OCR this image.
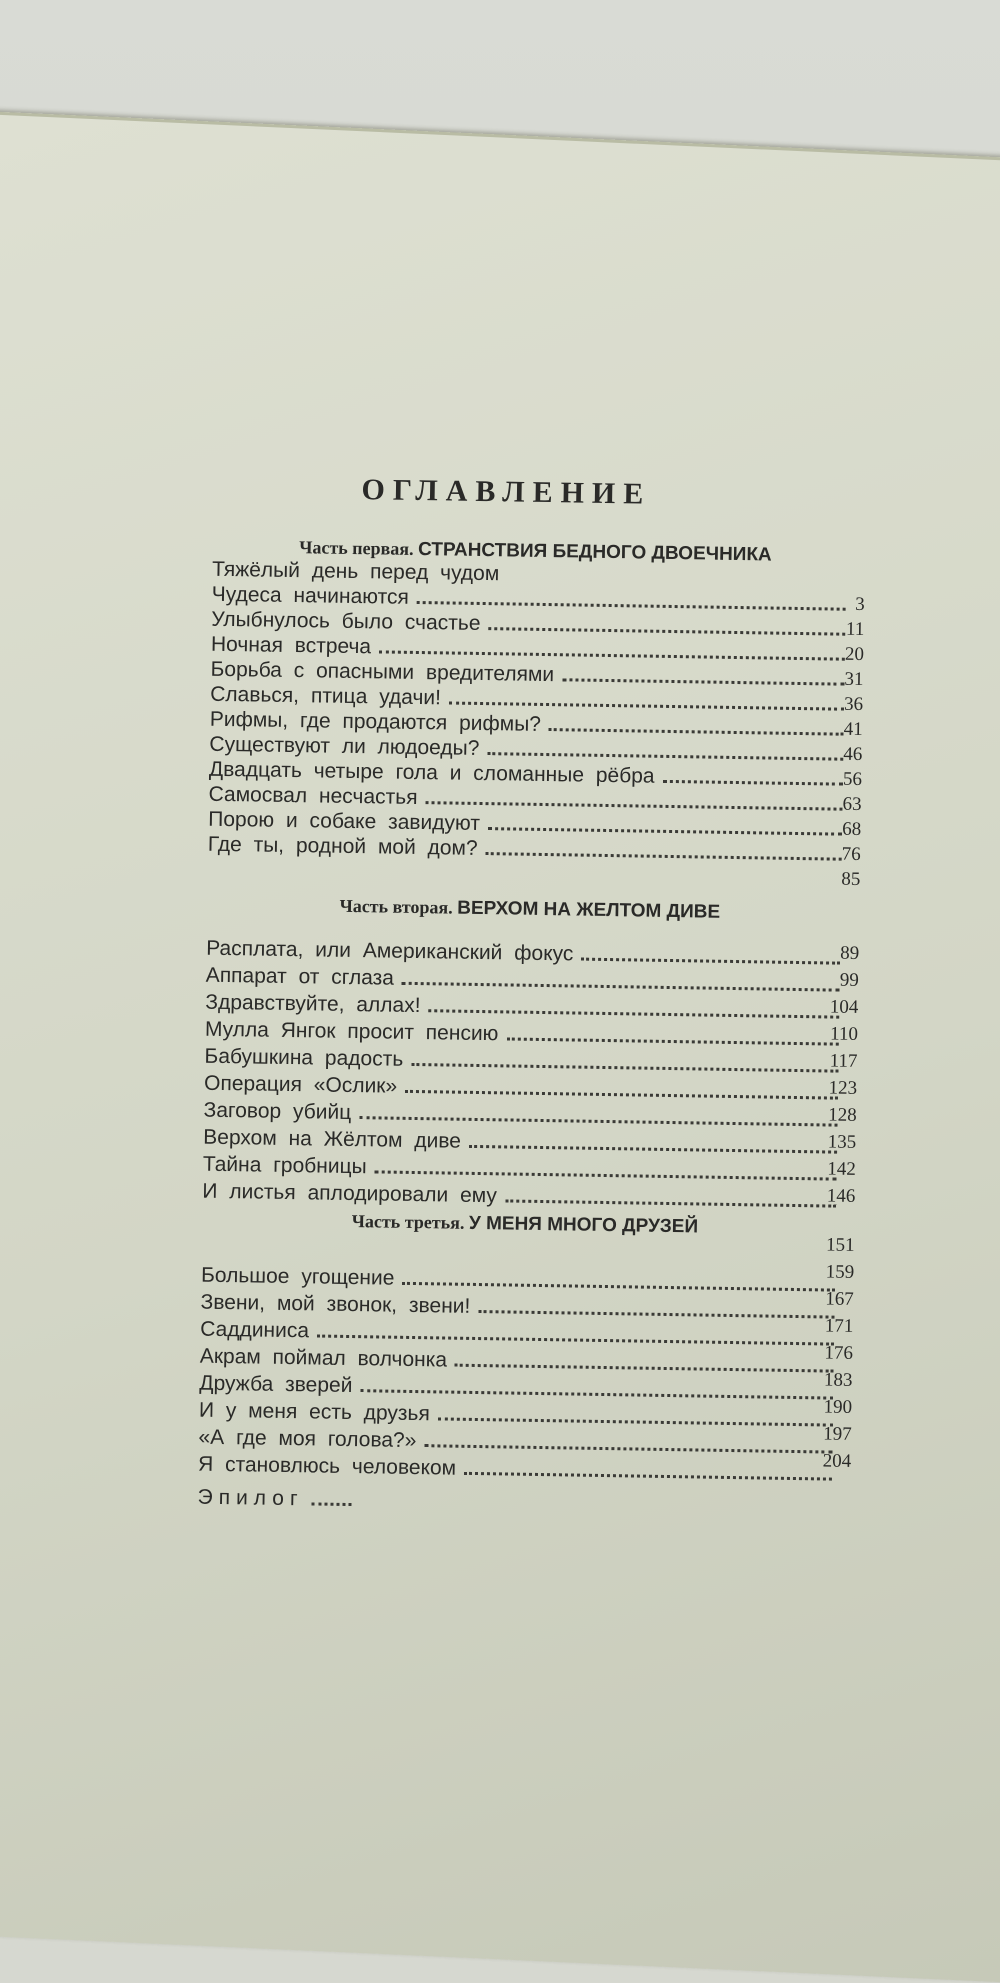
ОГЛАВЛЕНИЕ
Часть первая. СТРАНСТВИЯ БЕДНОГО ДВОЕЧНИКА
Тяжёлый день перед чудом
Чудеса начинаются
Улыбнулось было счастье
Ночная встреча
Борьба с опасными вредителями
Славься, птица удачи!
Рифмы, где продаются рифмы?
Существуют ли людоеды?
Двадцать четыре гола и сломанные рёбра
Самосвал несчастья
Порою и собаке завидуют
Где ты, родной мой дом?
3
11
20
31
36
41
46
56
63
68
76
85
Часть вторая. ВЕРХОМ НА ЖЕЛТОМ ДИВЕ
Расплата, или Американский фокус
Аппарат от сглаза
Здравствуйте, аллах!
Мулла Янгок просит пенсию
Бабушкина радость
Операция «Ослик»
Заговор убийц
Верхом на Жёлтом диве
Тайна гробницы
И листья аплодировали ему
89
99
104
110
117
123
128
135
142
146
Часть третья. У МЕНЯ МНОГО ДРУЗЕЙ
Большое угощение
Звени, мой звонок, звени!
Саддиниса
Акрам поймал волчонка
Дружба зверей
И у меня есть друзья
«А где моя голова?»
Я становлюсь человеком
Эпилог
151
159
167
171
176
183
190
197
204
